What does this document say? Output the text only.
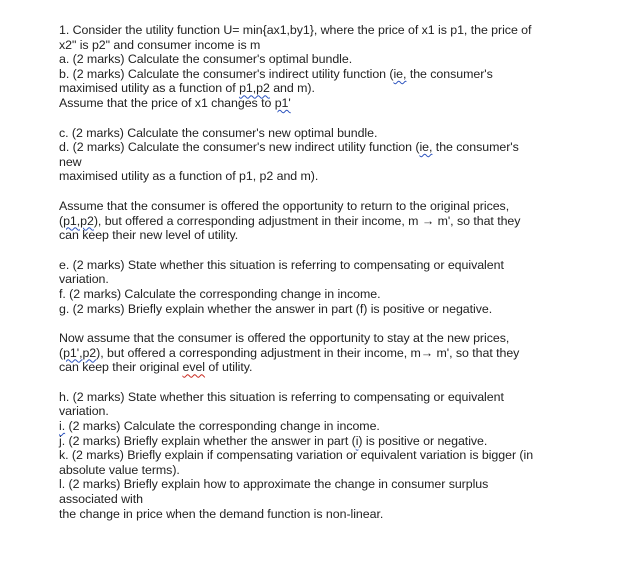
1. Consider the utility function U= min{ax1,by1}, where the price of x1 is p1, the price of
x2" is p2" and consumer income is m
a. (2 marks) Calculate the consumer's optimal bundle.
b. (2 marks) Calculate the consumer's indirect utility function (ie, the consumer's
maximised utility as a function of p1,p2 and m).
Assume that the price of x1 changes to p1'
c. (2 marks) Calculate the consumer's new optimal bundle.
d. (2 marks) Calculate the consumer's new indirect utility function (ie, the consumer's
new
maximised utility as a function of p1, p2 and m).
Assume that the consumer is offered the opportunity to return to the original prices,
(p1,p2), but offered a corresponding adjustment in their income, m → m', so that they
can keep their new level of utility.
e. (2 marks) State whether this situation is referring to compensating or equivalent
variation.
f. (2 marks) Calculate the corresponding change in income.
g. (2 marks) Briefly explain whether the answer in part (f) is positive or negative.
Now assume that the consumer is offered the opportunity to stay at the new prices,
(p1',p2), but offered a corresponding adjustment in their income, m→ m', so that they
can keep their original evel of utility.
h. (2 marks) State whether this situation is referring to compensating or equivalent
variation.
i. (2 marks) Calculate the corresponding change in income.
j. (2 marks) Briefly explain whether the answer in part (i) is positive or negative.
k. (2 marks) Briefly explain if compensating variation or equivalent variation is bigger (in
absolute value terms).
l. (2 marks) Briefly explain how to approximate the change in consumer surplus
associated with
the change in price when the demand function is non-linear.
